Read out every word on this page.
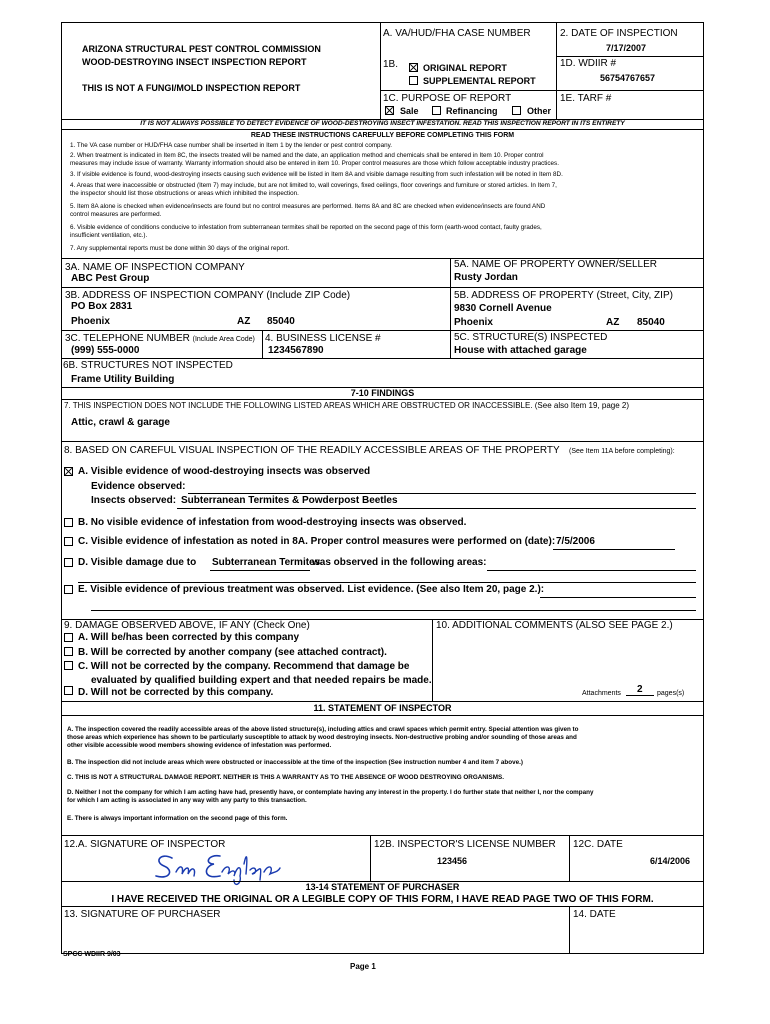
ARIZONA STRUCTURAL PEST CONTROL COMMISSION
WOOD-DESTROYING INSECT INSPECTION REPORT
THIS IS NOT A FUNGI/MOLD INSPECTION REPORT
A. VA/HUD/FHA CASE NUMBER	2. DATE OF INSPECTION
7/17/2007
1B.	ORIGINAL REPORT
SUPPLEMENTAL REPORT
1D. WDIIR #
56754767657
1C. PURPOSE OF REPORT	1E. TARF #
Sale	Refinancing	Other
IT IS NOT ALWAYS POSSIBLE TO DETECT EVIDENCE OF WOOD-DESTROYING INSECT INFESTATION. READ THIS INSPECTION REPORT IN ITS ENTIRETY
READ THESE INSTRUCTIONS CAREFULLY BEFORE COMPLETING THIS FORM
1. The VA case number or HUD/FHA case number shall be inserted in Item 1 by the lender or pest control company.
2. When treatment is indicated in Item 8C, the insects treated will be named and the date, an application method and chemicals shall be entered in Item 10. Proper control
measures may include issue of warranty. Warranty information should also be entered in item 10. Proper control measures are those which follow acceptable industry practices.
3. If visible evidence is found, wood-destroying insects causing such evidence will be listed in Item 8A and visible damage resulting from such infestation will be noted in Item 8D.
4. Areas that were inaccessible or obstructed (Item 7) may include, but are not limited to, wall coverings, fixed ceilings, floor coverings and furniture or stored articles. In Item 7,
the inspector should list those obstructions or areas which inhibited the inspection.
5. Item 8A alone is checked when evidence/insects are found but no control measures are performed. Items 8A and 8C are checked when evidence/insects are found AND
control measures are performed.
6. Visible evidence of conditions conducive to infestation from subterranean termites shall be reported on the second page of this form (earth-wood contact, faulty grades,
insufficient ventilation, etc.).
7. Any supplemental reports must be done within 30 days of the original report.
3A. NAME OF INSPECTION COMPANY
ABC Pest Group
3B. ADDRESS OF INSPECTION COMPANY (Include ZIP Code)
PO Box 2831
Phoenix	AZ 85040
3C. TELEPHONE NUMBER (Include Area Code)
(999) 555-0000
4. BUSINESS LICENSE #
1234567890
5A. NAME OF PROPERTY OWNER/SELLER
Rusty Jordan
5B. ADDRESS OF PROPERTY (Street, City, ZIP)
9830 Cornell Avenue
Phoenix	AZ 85040
5C. STRUCTURE(S) INSPECTED
House with attached garage
6B. STRUCTURES NOT INSPECTED
Frame Utility Building
7-10 FINDINGS
7. THIS INSPECTION DOES NOT INCLUDE THE FOLLOWING LISTED AREAS WHICH ARE OBSTRUCTED OR INACCESSIBLE. (See also Item 19, page 2)
Attic, crawl & garage
8. BASED ON CAREFUL VISUAL INSPECTION OF THE READILY ACCESSIBLE AREAS OF THE PROPERTY (See Item 11A before completing):
A. Visible evidence of wood-destroying insects was observed
Evidence observed:
Insects observed: Subterranean Termites & Powderpost Beetles
B. No visible evidence of infestation from wood-destroying insects was observed.
C. Visible evidence of infestation as noted in 8A. Proper control measures were performed on (date): 7/5/2006
D. Visible damage due to Subterranean Termites
was observed in the following areas:
E. Visible evidence of previous treatment was observed. List evidence. (See also Item 20, page 2.):
9. DAMAGE OBSERVED ABOVE, IF ANY (Check One)
A. Will be/has been corrected by this company
B. Will be corrected by another company (see attached contract).
C. Will not be corrected by the company. Recommend that damage be
evaluated by qualified building expert and that needed repairs be made.
D. Will not be corrected by this company.
10. ADDITIONAL COMMENTS (ALSO SEE PAGE 2.)
Attachments 2 pages(s)
11. STATEMENT OF INSPECTOR
A. The inspection covered the readily accessible areas of the above listed structure(s), including attics and crawl spaces which permit entry. Special attention was given to
those areas which experience has shown to be particularly susceptible to attack by wood destroying insects. Non-destructive probing and/or sounding of those areas and
other visible accessible wood members showing evidence of infestation was performed.
B. The inspection did not include areas which were obstructed or inaccessible at the time of the inspection (See instruction number 4 and item 7 above.)
C. THIS IS NOT A STRUCTURAL DAMAGE REPORT. NEITHER IS THIS A WARRANTY AS TO THE ABSENCE OF WOOD DESTROYING ORGANISMS.
D. Neither I not the company for which I am acting have had, presently have, or contemplate having any interest in the property. I do further state that neither I, nor the company
for which I am acting is associated in any way with any party to this transaction.
E. There is always important information on the second page of this form.
12.A. SIGNATURE OF INSPECTOR	12B. INSPECTOR'S LICENSE NUMBER
123456
12C. DATE
6/14/2006
13-14 STATEMENT OF PURCHASER
I HAVE RECEIVED THE ORIGINAL OR A LEGIBLE COPY OF THIS FORM, I HAVE READ PAGE TWO OF THIS FORM.
13. SIGNATURE OF PURCHASER	14. DATE
SPCC WDIIR 9/03
Page 1
